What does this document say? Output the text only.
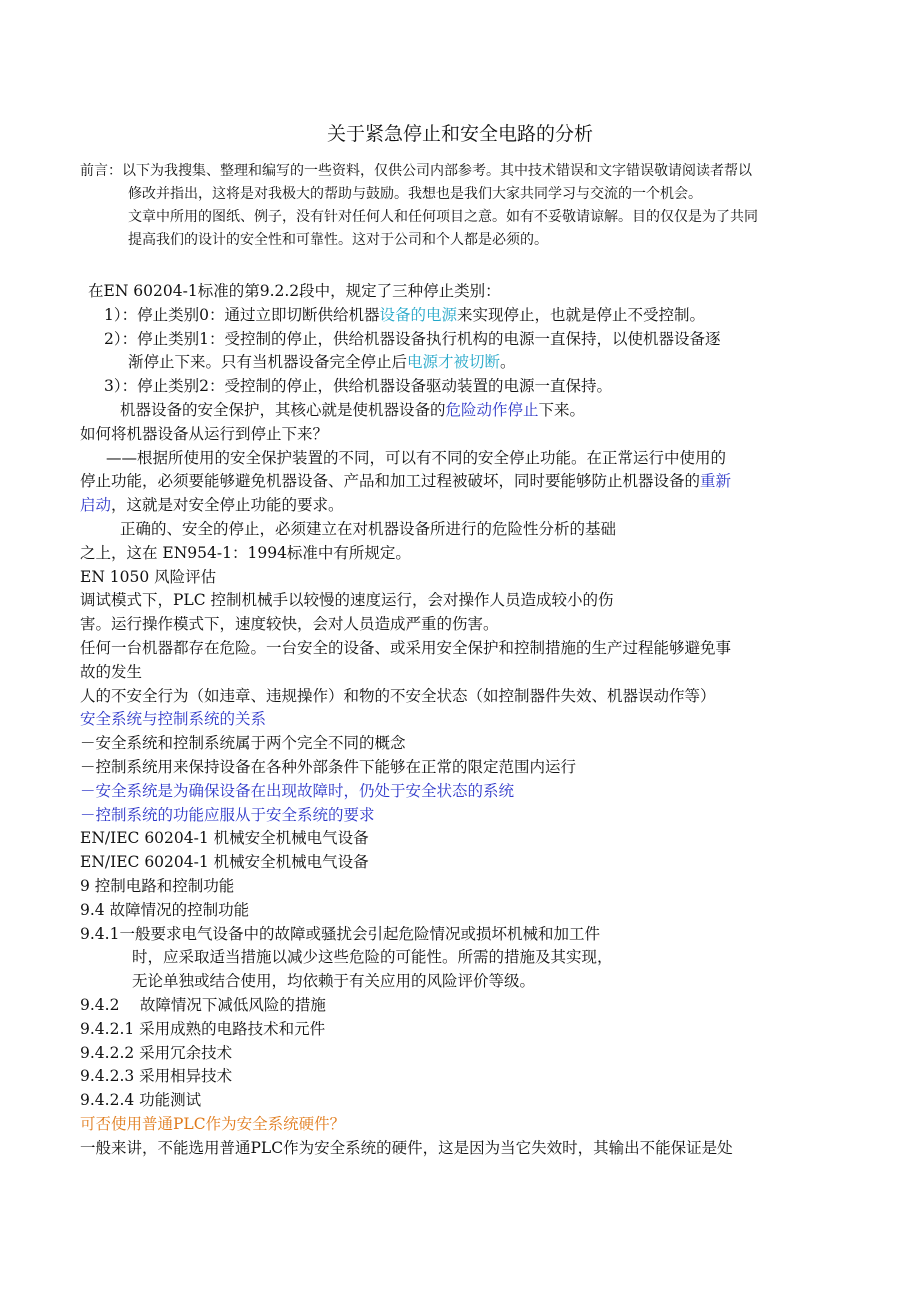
关于紧急停止和安全电路的分析
前言：以下为我搜集、整理和编写的一些资料，仅供公司内部参考。其中技术错误和文字错误敬请阅读者帮以
修改并指出，这将是对我极大的帮助与鼓励。我想也是我们大家共同学习与交流的一个机会。
文章中所用的图纸、例子，没有针对任何人和任何项目之意。如有不妥敬请谅解。目的仅仅是为了共同
提高我们的设计的安全性和可靠性。这对于公司和个人都是必须的。
在EN 60204-1标准的第9.2.2段中，规定了三种停止类别：
1）：停止类别0：通过立即切断供给机器设备的电源来实现停止，也就是停止不受控制。
2）：停止类别1：受控制的停止，供给机器设备执行机构的电源一直保持，以使机器设备逐
渐停止下来。只有当机器设备完全停止后电源才被切断。
3）：停止类别2：受控制的停止，供给机器设备驱动装置的电源一直保持。
机器设备的安全保护，其核心就是使机器设备的危险动作停止下来。
如何将机器设备从运行到停止下来？
——根据所使用的安全保护装置的不同，可以有不同的安全停止功能。在正常运行中使用的
停止功能，必须要能够避免机器设备、产品和加工过程被破坏，同时要能够防止机器设备的重新
启动，这就是对安全停止功能的要求。
正确的、安全的停止，必须建立在对机器设备所进行的危险性分析的基础
之上，这在 EN954-1：1994标准中有所规定。
EN 1050 风险评估
调试模式下，PLC 控制机械手以较慢的速度运行，会对操作人员造成较小的伤
害。运行操作模式下，速度较快，会对人员造成严重的伤害。
任何一台机器都存在危险。一台安全的设备、或采用安全保护和控制措施的生产过程能够避免事
故的发生
人的不安全行为（如违章、违规操作）和物的不安全状态（如控制器件失效、机器误动作等）
安全系统与控制系统的关系
－安全系统和控制系统属于两个完全不同的概念
－控制系统用来保持设备在各种外部条件下能够在正常的限定范围内运行
－安全系统是为确保设备在出现故障时，仍处于安全状态的系统
－控制系统的功能应服从于安全系统的要求
EN/IEC 60204-1 机械安全机械电气设备
EN/IEC 60204-1 机械安全机械电气设备
9 控制电路和控制功能
9.4 故障情况的控制功能
9.4.1一般要求电气设备中的故障或骚扰会引起危险情况或损坏机械和加工件
时，应采取适当措施以减少这些危险的可能性。所需的措施及其实现，
无论单独或结合使用，均依赖于有关应用的风险评价等级。
9.4.2　 故障情况下减低风险的措施
9.4.2.1 采用成熟的电路技术和元件
9.4.2.2 采用冗余技术
9.4.2.3 采用相异技术
9.4.2.4 功能测试
可否使用普通PLC作为安全系统硬件？
一般来讲，不能选用普通PLC作为安全系统的硬件，这是因为当它失效时，其输出不能保证是处
